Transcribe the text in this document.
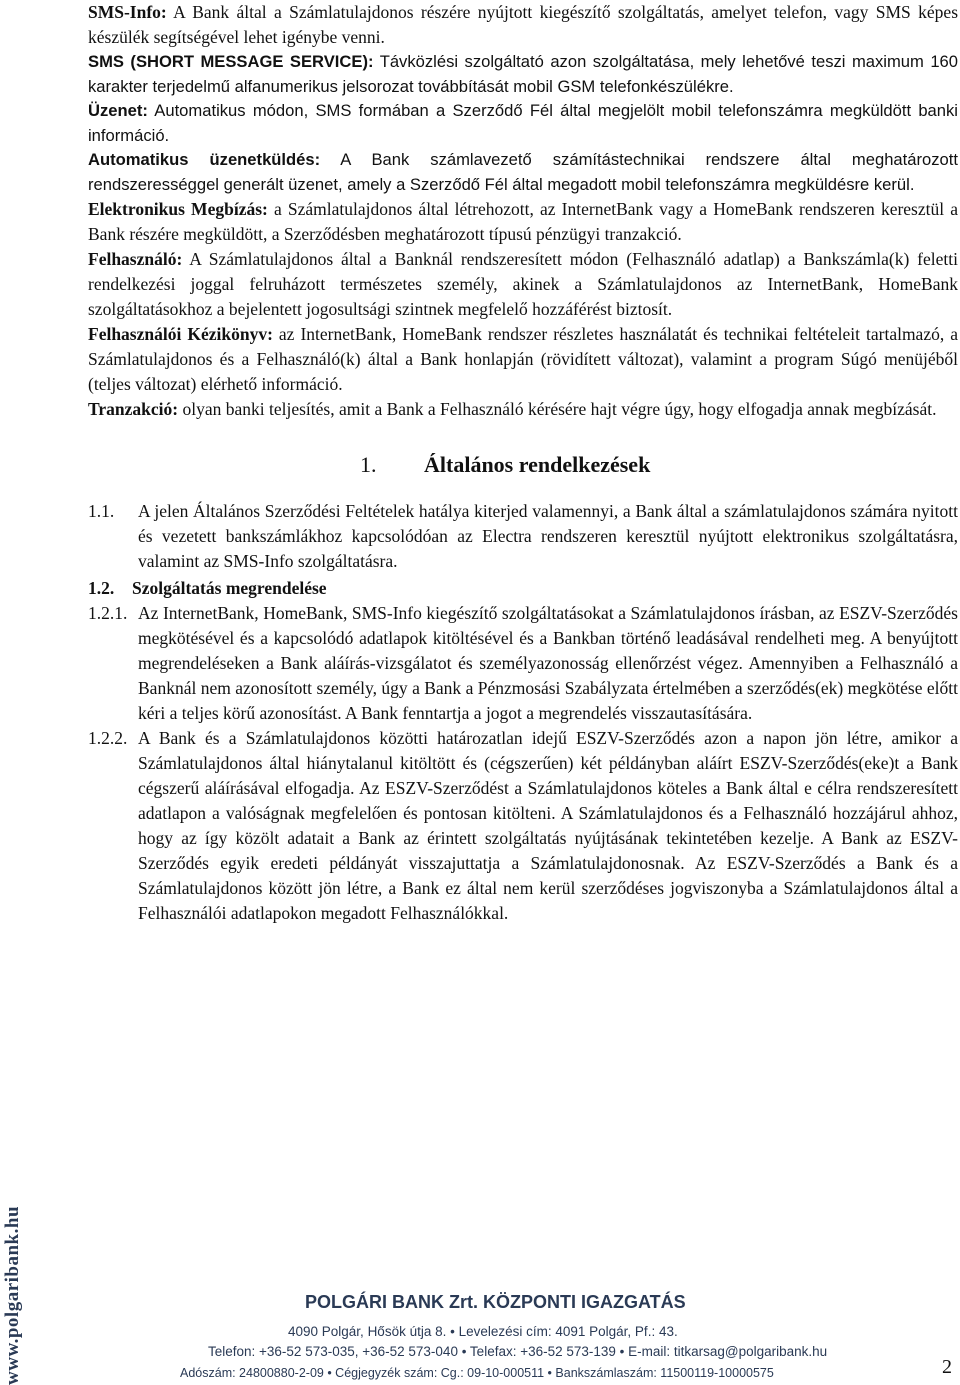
SMS-Info: A Bank által a Számlatulajdonos részére nyújtott kiegészítő szolgáltatás, amelyet telefon, vagy SMS képes készülék segítségével lehet igénybe venni.

SMS (SHORT MESSAGE SERVICE): Távközlési szolgáltató azon szolgáltatása, mely lehetővé teszi maximum 160 karakter terjedelmű alfanumerikus jelsorozat továbbítását mobil GSM telefonkészülékre.

Üzenet: Automatikus módon, SMS formában a Szerződő Fél által megjelölt mobil telefonszámra megküldött banki információ.

Automatikus üzenetküldés: A Bank számlavezető számítástechnikai rendszere által meghatározott rendszerességgel generált üzenet, amely a Szerződő Fél által megadott mobil telefonszámra megküldésre kerül.

Elektronikus Megbízás: a Számlatulajdonos által létrehozott, az InternetBank vagy a HomeBank rendszeren keresztül a Bank részére megküldött, a Szerződésben meghatározott típusú pénzügyi tranzakció.

Felhasználó: A Számlatulajdonos által a Banknál rendszeresített módon (Felhasználó adatlap) a Bankszámla(k) feletti rendelkezési joggal felruházott természetes személy, akinek a Számlatulajdonos az InternetBank, HomeBank szolgáltatásokhoz a bejelentett jogosultsági szintnek megfelelő hozzáférést biztosít.

Felhasználói Kézikönyv: az InternetBank, HomeBank rendszer részletes használatát és technikai feltételeit tartalmazó, a Számlatulajdonos és a Felhasználó(k) által a Bank honlapján (rövidített változat), valamint a program Súgó menüjéből (teljes változat) elérhető információ.

Tranzakció: olyan banki teljesítés, amit a Bank a Felhasználó kérésére hajt végre úgy, hogy elfogadja annak megbízását.

1. Általános rendelkezések
1.1.	A jelen Általános Szerződési Feltételek hatálya kiterjed valamennyi, a Bank által a számlatulajdonos számára nyitott és vezetett bankszámlákhoz kapcsolódóan az Electra rendszeren keresztül nyújtott elektronikus szolgáltatásra, valamint az SMS-Info szolgáltatásra.
1.2. Szolgáltatás megrendelése
1.2.1. Az InternetBank, HomeBank, SMS-Info kiegészítő szolgáltatásokat a Számlatulajdonos írásban, az ESZV-Szerződés megkötésével és a kapcsolódó adatlapok kitöltésével és a Bankban történő leadásával rendelheti meg. A benyújtott megrendeléseken a Bank aláírás-vizsgálatot és személyazonosság ellenőrzést végez. Amennyiben a Felhasználó a Banknál nem azonosított személy, úgy a Bank a Pénzmosási Szabályzata értelmében a szerződés(ek) megkötése előtt kéri a teljes körű azonosítást. A Bank fenntartja a jogot a megrendelés visszautasítására.
1.2.2. A Bank és a Számlatulajdonos közötti határozatlan idejű ESZV-Szerződés azon a napon jön létre, amikor a Számlatulajdonos által hiánytalanul kitöltött és (cégszerűen) két példányban aláírt ESZV-Szerződés(eke)t a Bank cégszerű aláírásával elfogadja. Az ESZV-Szerződést a Számlatulajdonos köteles a Bank által e célra rendszeresített adatlapon a valóságnak megfelelően és pontosan kitölteni. A Számlatulajdonos és a Felhasználó hozzájárul ahhoz, hogy az így közölt adatait a Bank az érintett szolgáltatás nyújtásának tekintetében kezelje. A Bank az ESZV-Szerződés egyik eredeti példányát visszajuttatja a Számlatulajdonosnak. Az ESZV-Szerződés a Bank és a Számlatulajdonos között jön létre, a Bank ez által nem kerül szerződéses jogviszonyba a Számlatulajdonos által a Felhasználói adatlapokon megadott Felhasználókkal.
POLGÁRI BANK Zrt. KÖZPONTI IGAZGATÁS
4090 Polgár, Hősök útja 8. • Levelezési cím: 4091 Polgár, Pf.: 43.
Telefon: +36-52 573-035, +36-52 573-040 • Telefax: +36-52 573-139 • E-mail: titkarsag@polgaribank.hu
Adószám: 24800880-2-09 • Cégjegyzék szám: Cg.: 09-10-000511 • Bankszámlaszám: 11500119-10000575
www.polgaribank.hu	2
